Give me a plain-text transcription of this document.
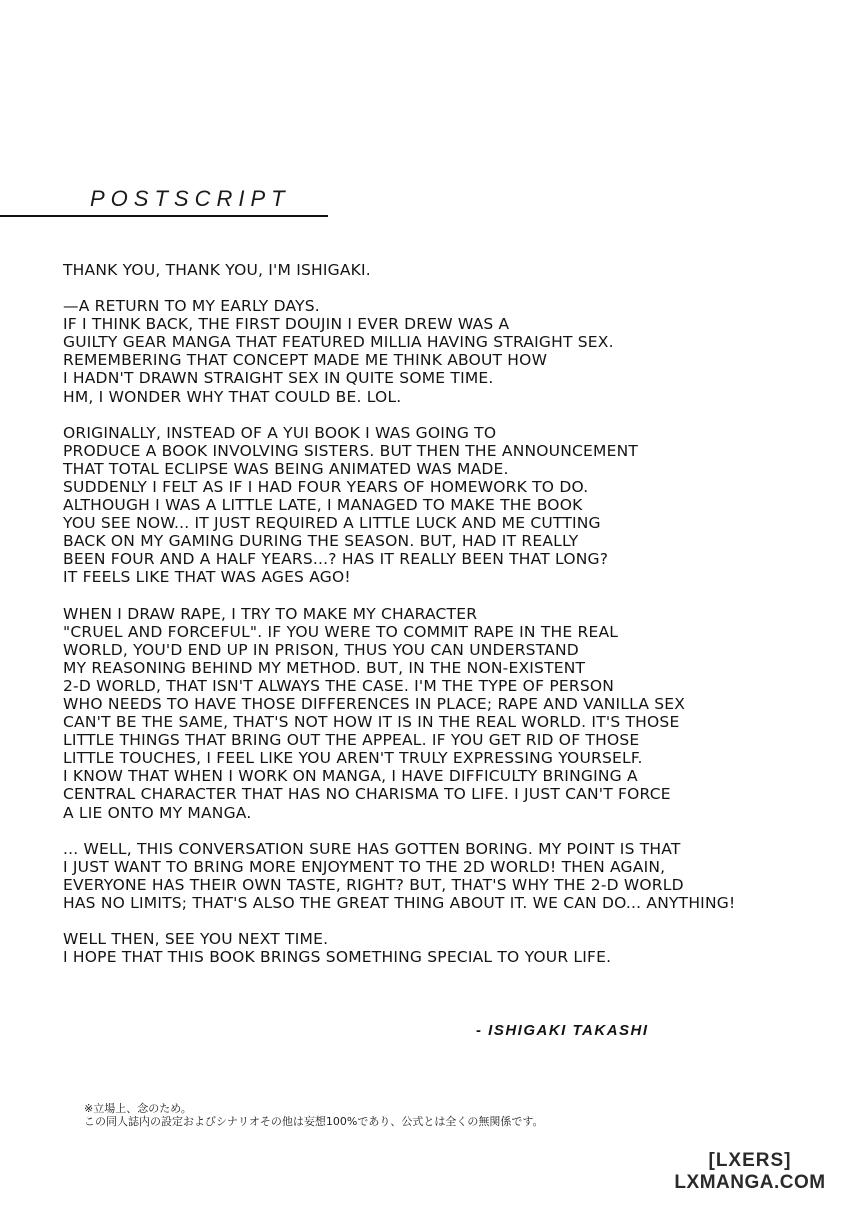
POSTSCRIPT
THANK YOU, THANK YOU, I'M ISHIGAKI.
—A RETURN TO MY EARLY DAYS.
IF I THINK BACK, THE FIRST DOUJIN I EVER DREW WAS A
GUILTY GEAR MANGA THAT FEATURED MILLIA HAVING STRAIGHT SEX.
REMEMBERING THAT CONCEPT MADE ME THINK ABOUT HOW
I HADN'T DRAWN STRAIGHT SEX IN QUITE SOME TIME.
HM, I WONDER WHY THAT COULD BE. LOL.
ORIGINALLY, INSTEAD OF A YUI BOOK I WAS GOING TO
PRODUCE A BOOK INVOLVING SISTERS. BUT THEN THE ANNOUNCEMENT
THAT TOTAL ECLIPSE WAS BEING ANIMATED WAS MADE.
SUDDENLY I FELT AS IF I HAD FOUR YEARS OF HOMEWORK TO DO.
ALTHOUGH I WAS A LITTLE LATE, I MANAGED TO MAKE THE BOOK
YOU SEE NOW... IT JUST REQUIRED A LITTLE LUCK AND ME CUTTING
BACK ON MY GAMING DURING THE SEASON. BUT, HAD IT REALLY
BEEN FOUR AND A HALF YEARS...? HAS IT REALLY BEEN THAT LONG?
IT FEELS LIKE THAT WAS AGES AGO!
WHEN I DRAW RAPE, I TRY TO MAKE MY CHARACTER
"CRUEL AND FORCEFUL". IF YOU WERE TO COMMIT RAPE IN THE REAL
WORLD, YOU'D END UP IN PRISON, THUS YOU CAN UNDERSTAND
MY REASONING BEHIND MY METHOD. BUT, IN THE NON-EXISTENT
2-D WORLD, THAT ISN'T ALWAYS THE CASE. I'M THE TYPE OF PERSON
WHO NEEDS TO HAVE THOSE DIFFERENCES IN PLACE; RAPE AND VANILLA SEX
CAN'T BE THE SAME, THAT'S NOT HOW IT IS IN THE REAL WORLD. IT'S THOSE
LITTLE THINGS THAT BRING OUT THE APPEAL. IF YOU GET RID OF THOSE
LITTLE TOUCHES, I FEEL LIKE YOU AREN'T TRULY EXPRESSING YOURSELF.
I KNOW THAT WHEN I WORK ON MANGA, I HAVE DIFFICULTY BRINGING A
CENTRAL CHARACTER THAT HAS NO CHARISMA TO LIFE. I JUST CAN'T FORCE
A LIE ONTO MY MANGA.
... WELL, THIS CONVERSATION SURE HAS GOTTEN BORING. MY POINT IS THAT
I JUST WANT TO BRING MORE ENJOYMENT TO THE 2D WORLD! THEN AGAIN,
EVERYONE HAS THEIR OWN TASTE, RIGHT? BUT, THAT'S WHY THE 2-D WORLD
HAS NO LIMITS; THAT'S ALSO THE GREAT THING ABOUT IT. WE CAN DO... ANYTHING!
WELL THEN, SEE YOU NEXT TIME.
I HOPE THAT THIS BOOK BRINGS SOMETHING SPECIAL TO YOUR LIFE.
- ISHIGAKI TAKASHI
※立場上、念のため。
この同人誌内の設定およびシナリオその他は妄想100%であり、公式とは全くの無関係です。
[LXERS]
LXMANGA.COM
